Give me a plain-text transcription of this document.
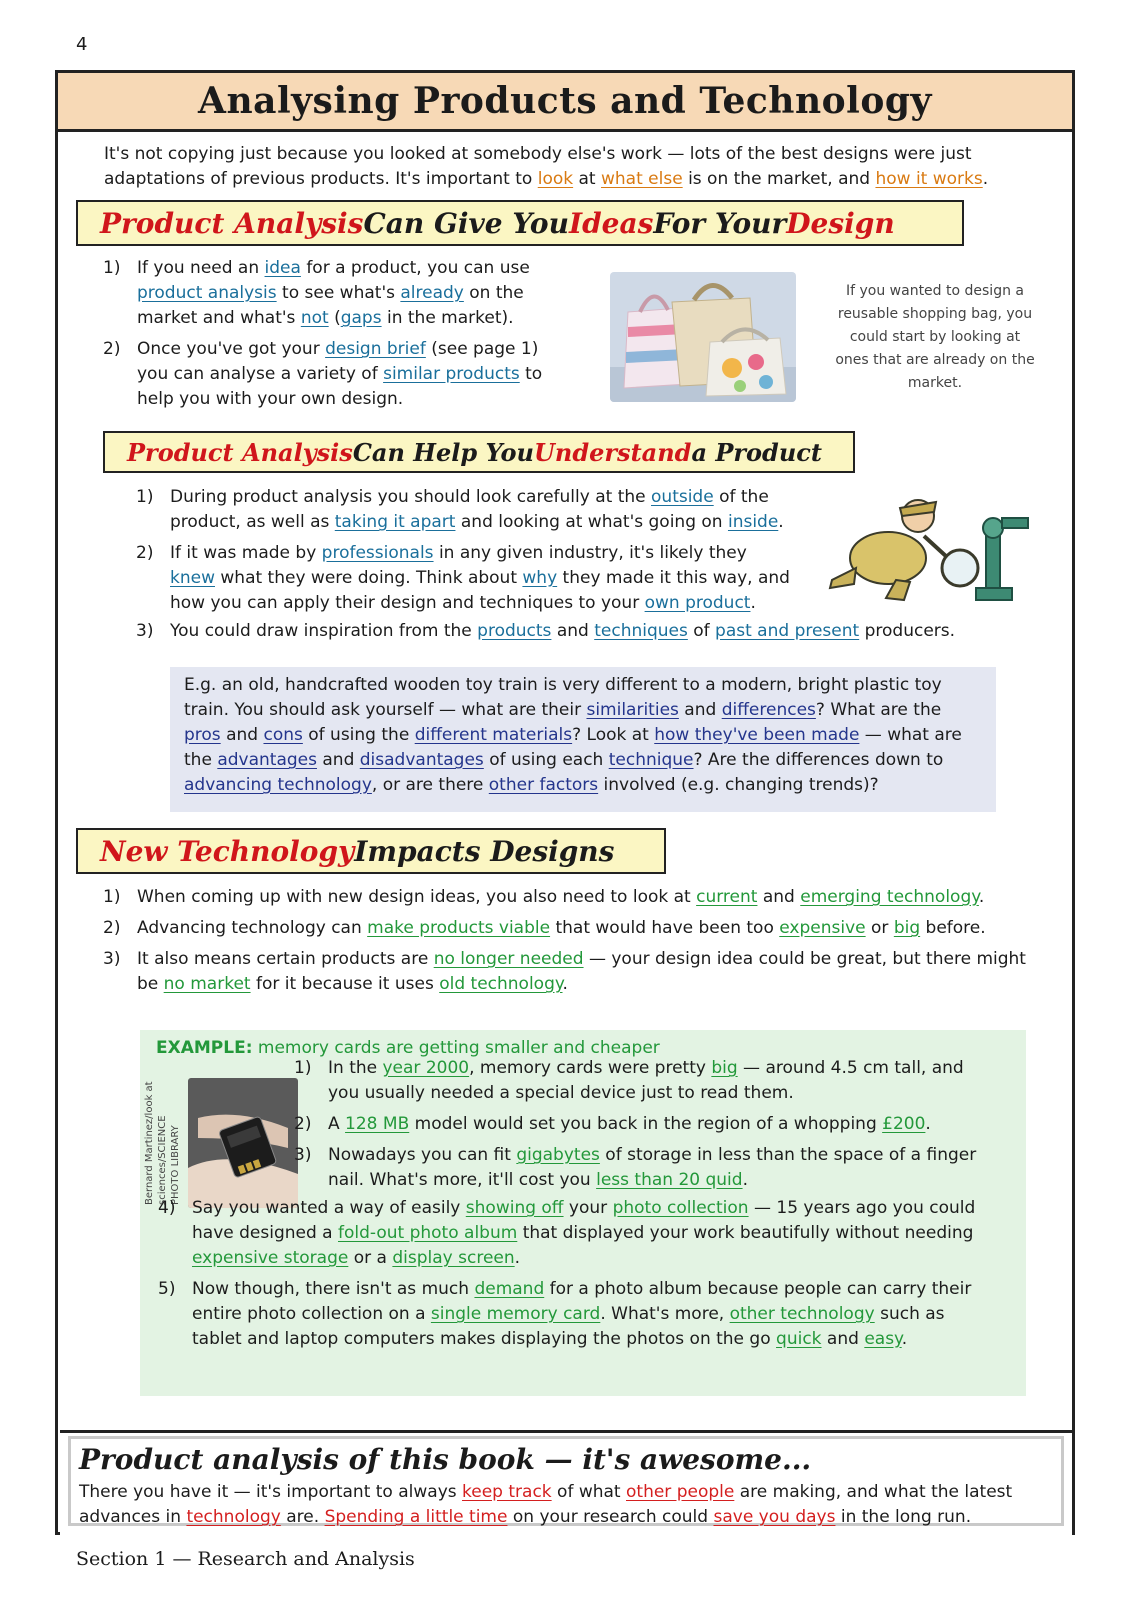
4
Analysing Products and Technology
It's not copying just because you looked at somebody else's work — lots of the best designs were just adaptations of previous products. It's important to look at what else is on the market, and how it works.
Product Analysis Can Give You Ideas For Your Design
1) If you need an idea for a product, you can use product analysis to see what's already on the market and what's not (gaps in the market).
2) Once you've got your design brief (see page 1) you can analyse a variety of similar products to help you with your own design.
If you wanted to design a reusable shopping bag, you could start by looking at ones that are already on the market.
Product Analysis Can Help You Understand a Product
1) During product analysis you should look carefully at the outside of the product, as well as taking it apart and looking at what's going on inside.
2) If it was made by professionals in any given industry, it's likely they knew what they were doing. Think about why they made it this way, and how you can apply their design and techniques to your own product.
3) You could draw inspiration from the products and techniques of past and present producers.
E.g. an old, handcrafted wooden toy train is very different to a modern, bright plastic toy train. You should ask yourself — what are their similarities and differences? What are the pros and cons of using the different materials? Look at how they've been made — what are the advantages and disadvantages of using each technique? Are the differences down to advancing technology, or are there other factors involved (e.g. changing trends)?
New Technology Impacts Designs
1) When coming up with new design ideas, you also need to look at current and emerging technology.
2) Advancing technology can make products viable that would have been too expensive or big before.
3) It also means certain products are no longer needed — your design idea could be great, but there might be no market for it because it uses old technology.
EXAMPLE: memory cards are getting smaller and cheaper
Bernard Martinez/look at sciences/SCIENCE PHOTO LIBRARY
1) In the year 2000, memory cards were pretty big — around 4.5 cm tall, and you usually needed a special device just to read them.
2) A 128 MB model would set you back in the region of a whopping £200.
3) Nowadays you can fit gigabytes of storage in less than the space of a finger nail. What's more, it'll cost you less than 20 quid.
4) Say you wanted a way of easily showing off your photo collection — 15 years ago you could have designed a fold-out photo album that displayed your work beautifully without needing expensive storage or a display screen.
5) Now though, there isn't as much demand for a photo album because people can carry their entire photo collection on a single memory card. What's more, other technology such as tablet and laptop computers makes displaying the photos on the go quick and easy.
Product analysis of this book — it's awesome...
There you have it — it's important to always keep track of what other people are making, and what the latest advances in technology are. Spending a little time on your research could save you days in the long run.
Section 1 — Research and Analysis
